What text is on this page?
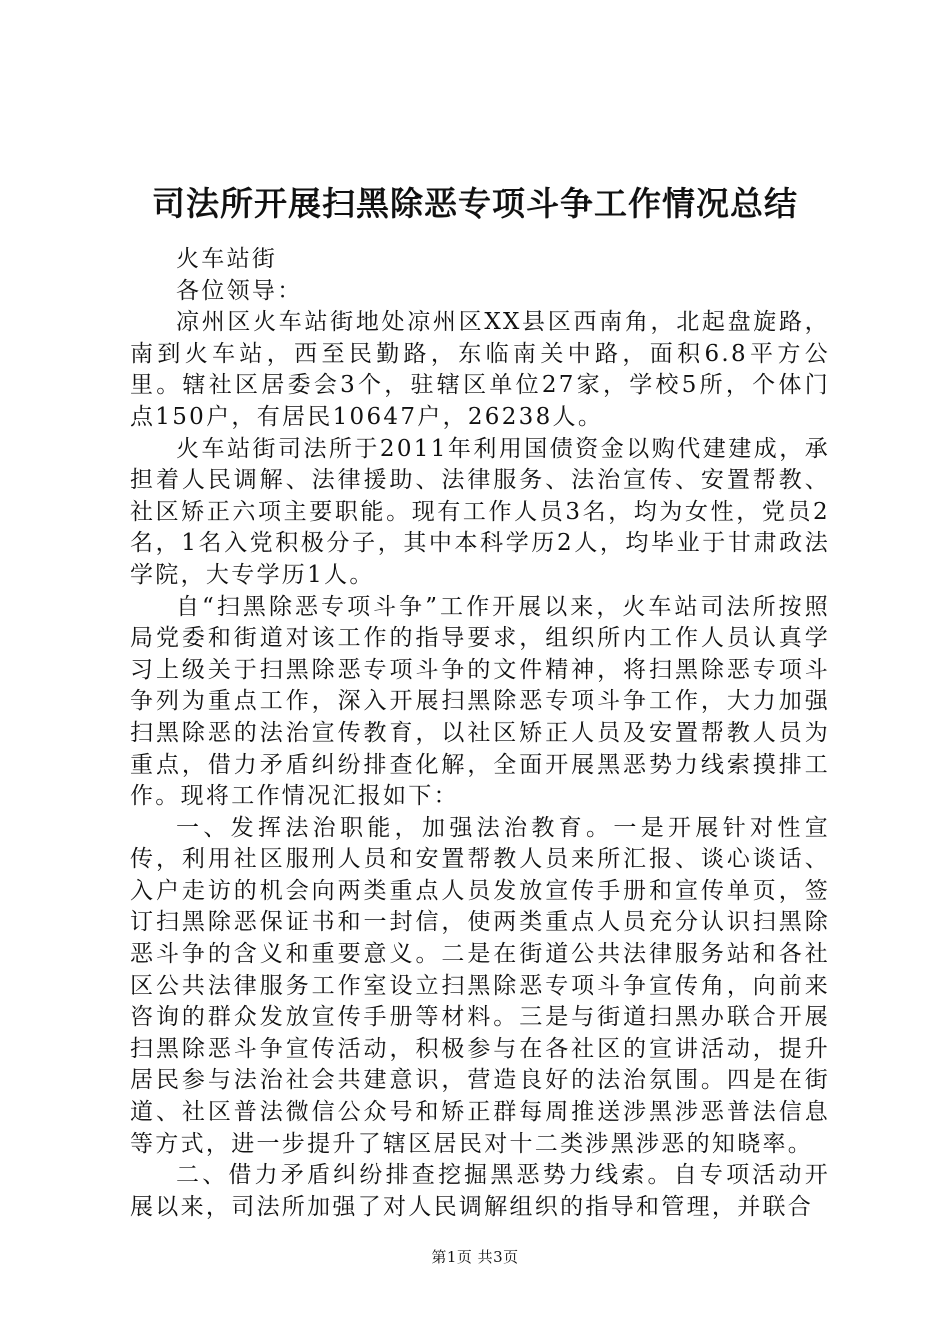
司法所开展扫黑除恶专项斗争工作情况总结

火车站街

各位领导：

凉州区火车站街地处凉州区XX县区西南角，北起盘旋路，南到火车站，西至民勤路，东临南关中路，面积6.8平方公里。辖社区居委会3个，驻辖区单位27家，学校5所，个体门点150户，有居民10647户，26238人。

火车站街司法所于2011年利用国债资金以购代建建成，承担着人民调解、法律援助、法律服务、法治宣传、安置帮教、社区矫正六项主要职能。现有工作人员3名，均为女性，党员2名，1名入党积极分子，其中本科学历2人，均毕业于甘肃政法学院，大专学历1人。

自“扫黑除恶专项斗争”工作开展以来，火车站司法所按照局党委和街道对该工作的指导要求，组织所内工作人员认真学习上级关于扫黑除恶专项斗争的文件精神，将扫黑除恶专项斗争列为重点工作，深入开展扫黑除恶专项斗争工作，大力加强扫黑除恶的法治宣传教育，以社区矫正人员及安置帮教人员为重点，借力矛盾纠纷排查化解，全面开展黑恶势力线索摸排工作。现将工作情况汇报如下：

一、发挥法治职能，加强法治教育。一是开展针对性宣传，利用社区服刑人员和安置帮教人员来所汇报、谈心谈话、入户走访的机会向两类重点人员发放宣传手册和宣传单页，签订扫黑除恶保证书和一封信，使两类重点人员充分认识扫黑除恶斗争的含义和重要意义。二是在街道公共法律服务站和各社区公共法律服务工作室设立扫黑除恶专项斗争宣传角，向前来咨询的群众发放宣传手册等材料。三是与街道扫黑办联合开展扫黑除恶斗争宣传活动，积极参与在各社区的宣讲活动，提升居民参与法治社会共建意识，营造良好的法治氛围。四是在街道、社区普法微信公众号和矫正群每周推送涉黑涉恶普法信息等方式，进一步提升了辖区居民对十二类涉黑涉恶的知晓率。

二、借力矛盾纠纷排查挖掘黑恶势力线索。自专项活动开展以来，司法所加强了对人民调解组织的指导和管理，并联合

第1页 共3页
